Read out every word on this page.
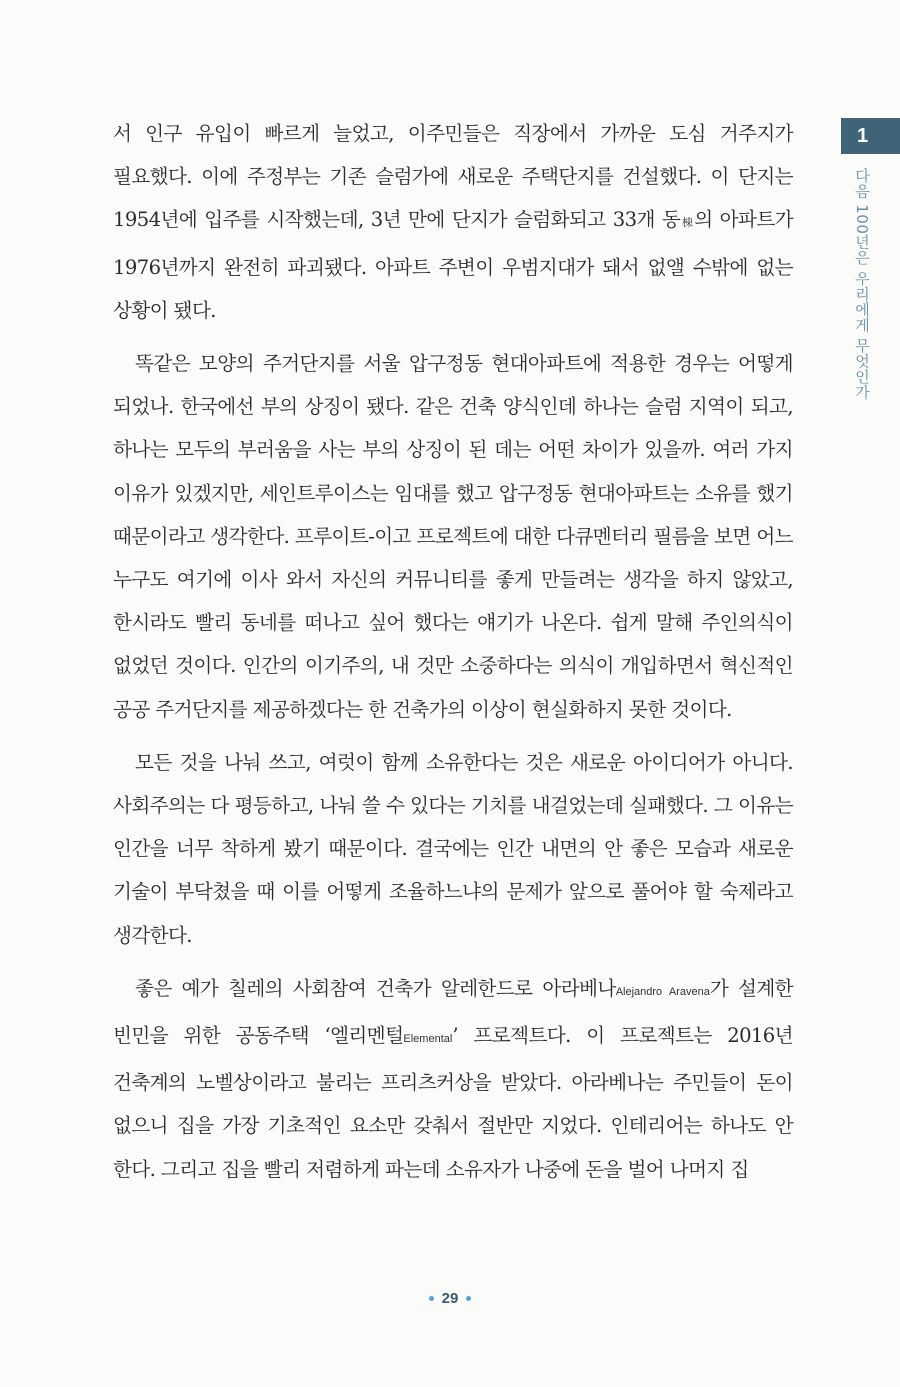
1
다음 100년은 우리에게 무엇인가

서 인구 유입이 빠르게 늘었고, 이주민들은 직장에서 가까운 도심 거주지가 필요했다. 이에 주정부는 기존 슬럼가에 새로운 주택단지를 건설했다. 이 단지는 1954년에 입주를 시작했는데, 3년 만에 단지가 슬럼화되고 33개 동棟의 아파트가 1976년까지 완전히 파괴됐다. 아파트 주변이 우범지대가 돼서 없앨 수밖에 없는 상황이 됐다.

똑같은 모양의 주거단지를 서울 압구정동 현대아파트에 적용한 경우는 어떻게 되었나. 한국에선 부의 상징이 됐다. 같은 건축 양식인데 하나는 슬럼 지역이 되고, 하나는 모두의 부러움을 사는 부의 상징이 된 데는 어떤 차이가 있을까. 여러 가지 이유가 있겠지만, 세인트루이스는 임대를 했고 압구정동 현대아파트는 소유를 했기 때문이라고 생각한다. 프루이트-이고 프로젝트에 대한 다큐멘터리 필름을 보면 어느 누구도 여기에 이사 와서 자신의 커뮤니티를 좋게 만들려는 생각을 하지 않았고, 한시라도 빨리 동네를 떠나고 싶어 했다는 얘기가 나온다. 쉽게 말해 주인의식이 없었던 것이다. 인간의 이기주의, 내 것만 소중하다는 의식이 개입하면서 혁신적인 공공 주거단지를 제공하겠다는 한 건축가의 이상이 현실화하지 못한 것이다.

모든 것을 나눠 쓰고, 여럿이 함께 소유한다는 것은 새로운 아이디어가 아니다. 사회주의는 다 평등하고, 나눠 쓸 수 있다는 기치를 내걸었는데 실패했다. 그 이유는 인간을 너무 착하게 봤기 때문이다. 결국에는 인간 내면의 안 좋은 모습과 새로운 기술이 부닥쳤을 때 이를 어떻게 조율하느냐의 문제가 앞으로 풀어야 할 숙제라고 생각한다.

좋은 예가 칠레의 사회참여 건축가 알레한드로 아라베나Alejandro Aravena가 설계한 빈민을 위한 공동주택 ‘엘리멘털Elemental’ 프로젝트다. 이 프로젝트는 2016년 건축계의 노벨상이라고 불리는 프리츠커상을 받았다. 아라베나는 주민들이 돈이 없으니 집을 가장 기초적인 요소만 갖춰서 절반만 지었다. 인테리어는 하나도 안 한다. 그리고 집을 빨리 저렴하게 파는데 소유자가 나중에 돈을 벌어 나머지 집

29
